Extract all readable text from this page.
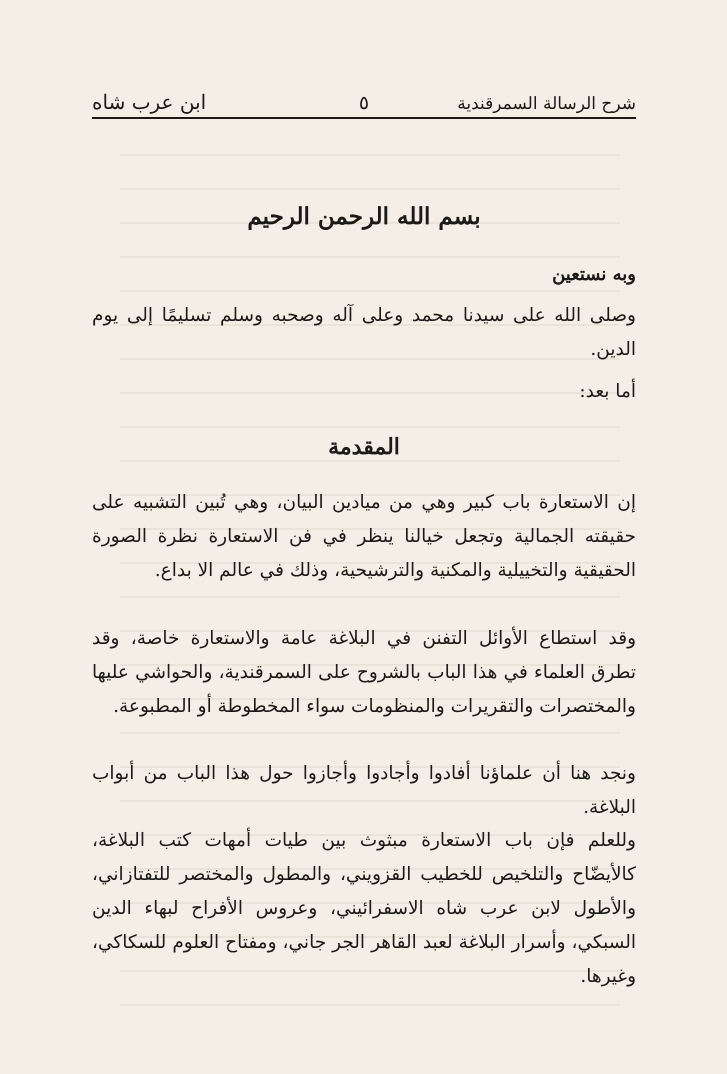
شرح الرسالة السمرقندية
٥
ابن عرب شاه
بسم الله الرحمن الرحيم
وبه نستعين
وصلى الله على سيدنا محمد وعلى آله وصحبه وسلم تسليمًا إلى يوم الدين.
أما بعد:
المقدمة
إن الاستعارة باب كبير وهي من ميادين البيان، وهي تُبين التشبيه على حقيقته الجمالية وتجعل خيالنا ينظر في فن الاستعارة نظرة الصورة الحقيقية والتخييلية والمكنية والترشيحية، وذلك في عالم الا بداع.
وقد استطاع الأوائل التفنن في البلاغة عامة والاستعارة خاصة، وقد تطرق العلماء في هذا الباب بالشروح على السمرقندية، والحواشي عليها والمختصرات والتقريرات والمنظومات سواء المخطوطة أو المطبوعة.
ونجد هنا أن علماؤنا أفادوا وأجادوا وأجازوا حول هذا الباب من أبواب البلاغة.
وللعلم فإن باب الاستعارة مبثوث بين طيات أمهات كتب البلاغة، كالأيضّاح والتلخيص للخطيب القزويني، والمطول والمختصر للتفتازاني، والأطول لابن عرب شاه الاسفرائيني، وعروس الأفراح لبهاء الدين السبكي، وأسرار البلاغة لعبد القاهر الجر جاني، ومفتاح العلوم للسكاكي، وغيرها.
